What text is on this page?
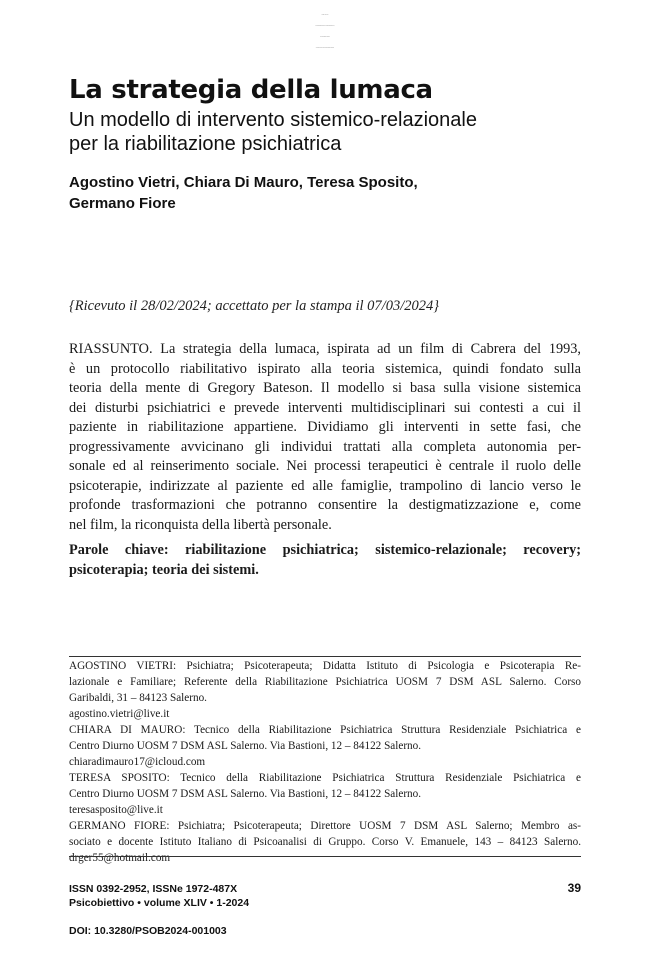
La strategia della lumaca
Un modello di intervento sistemico-relazionale
per la riabilitazione psichiatrica
Agostino Vietri, Chiara Di Mauro, Teresa Sposito,
Germano Fiore
{Ricevuto il 28/02/2024; accettato per la stampa il 07/03/2024}
RIASSUNTO. La strategia della lumaca, ispirata ad un film di Cabrera del 1993,
è un protocollo riabilitativo ispirato alla teoria sistemica, quindi fondato sulla
teoria della mente di Gregory Bateson. Il modello si basa sulla visione sistemica
dei disturbi psichiatrici e prevede interventi multidisciplinari sui contesti a cui il
paziente in riabilitazione appartiene. Dividiamo gli interventi in sette fasi, che
progressivamente avvicinano gli individui trattati alla completa autonomia per-
sonale ed al reinserimento sociale. Nei processi terapeutici è centrale il ruolo delle
psicoterapie, indirizzate al paziente ed alle famiglie, trampolino di lancio verso le
profonde trasformazioni che potranno consentire la destigmatizzazione e, come
nel film, la riconquista della libertà personale.
Parole chiave: riabilitazione psichiatrica; sistemico-relazionale; recovery;
psicoterapia; teoria dei sistemi.
AGOSTINO VIETRI: Psichiatra; Psicoterapeuta; Didatta Istituto di Psicologia e Psicoterapia Re-
lazionale e Familiare; Referente della Riabilitazione Psichiatrica UOSM 7 DSM ASL Salerno. Corso
Garibaldi, 31 – 84123 Salerno.
agostino.vietri@live.it
CHIARA DI MAURO: Tecnico della Riabilitazione Psichiatrica Struttura Residenziale Psichiatrica e
Centro Diurno UOSM 7 DSM ASL Salerno. Via Bastioni, 12 – 84122 Salerno.
chiaradimauro17@icloud.com
TERESA SPOSITO: Tecnico della Riabilitazione Psichiatrica Struttura Residenziale Psichiatrica e
Centro Diurno UOSM 7 DSM ASL Salerno. Via Bastioni, 12 – 84122 Salerno.
teresasposito@live.it
GERMANO FIORE: Psichiatra; Psicoterapeuta; Direttore UOSM 7 DSM ASL Salerno; Membro as-
sociato e docente Istituto Italiano di Psicoanalisi di Gruppo. Corso V. Emanuele, 143 – 84123 Salerno.
drger55@hotmail.com
ISSN 0392-2952, ISSNe 1972-487X
Psicobiettivo • volume XLIV • 1-2024
39
DOI: 10.3280/PSOB2024-001003
